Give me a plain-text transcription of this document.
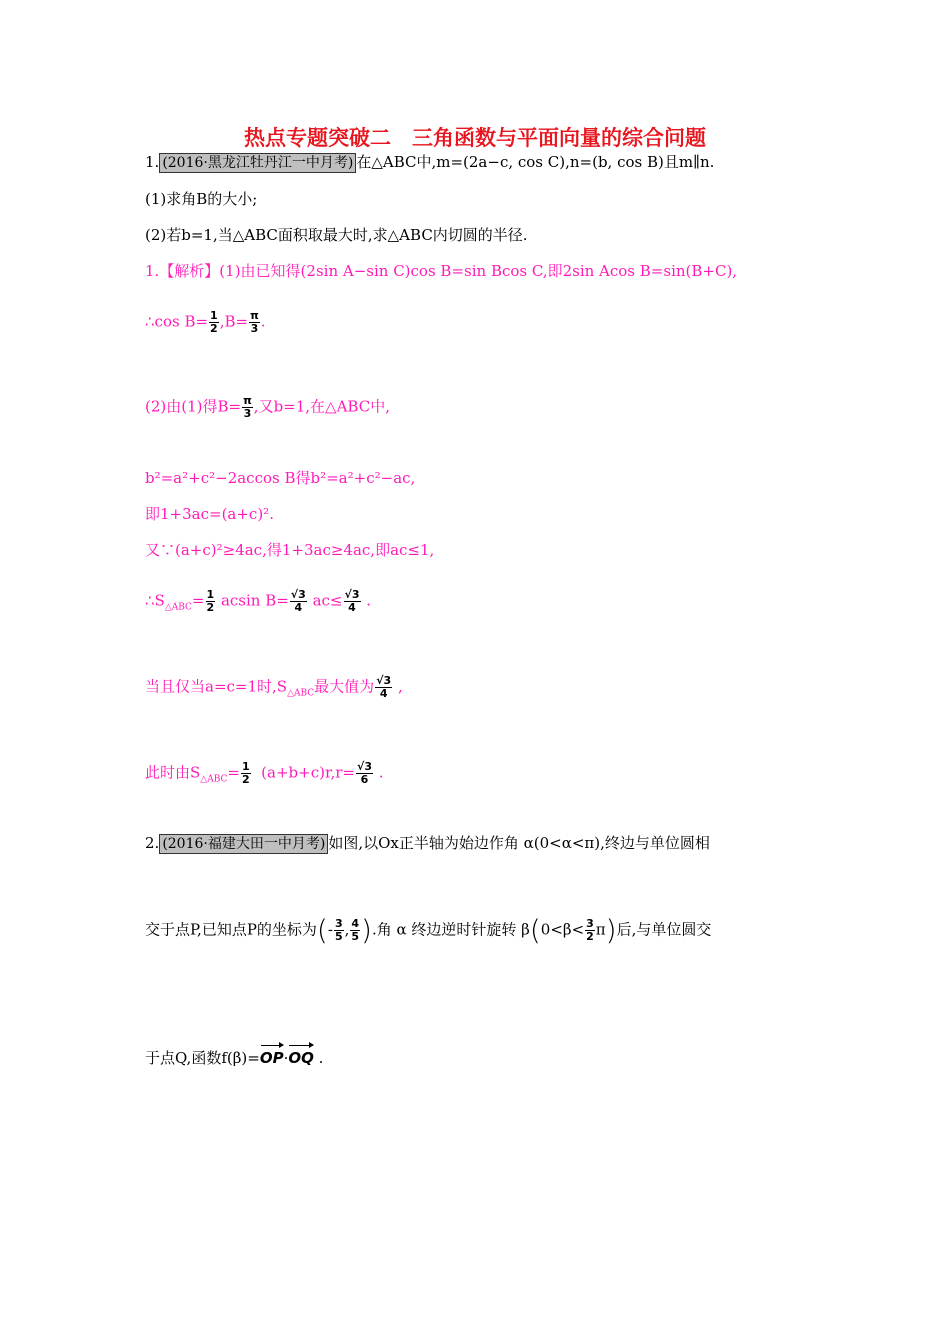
热点专题突破二　三角函数与平面向量的综合问题
1. (2016·黑龙江牡丹江一中月考) 在△ABC中,m=(2a−c, cos C),n=(b, cos B)且m∥n.
(1)求角B的大小;
(2)若b=1,当△ABC面积取最大时,求△ABC内切圆的半径.
1.【解析】(1)由已知得(2sin A−sin C)cos B=sin Bcos C,即2sin Acos B=sin(B+C),
∴cos $B= \frac{1}{2} ,B= \frac{\pi}{3}$ .
(2)由(1)得$B= \frac{\pi}{3}$ ,又b=1,在△ABC中,
b²=a²+c²−2accos B得b²=a²+c²−ac,
即1+3ac=(a+c)².
又∵(a+c)²≥4ac,得1+3ac≥4ac,即ac≤1,
$\therefore S_{\triangle ABC}= \frac{1}{2}$ acsin $B= \frac{√3}{4} ac\le \frac{√3}{4}$ .
当且仅当a=c=1时$,S_{\triangle ABC}$最大值为 $\frac{√3}{4}$ ,
此时由$S_{\triangle ABC}= \frac{1}{2} (a+b+c)r,r= \frac{√3}{6}$ .
2. (2016·福建大田一中月考) 如图,以Ox正半轴为始边作角 α(0<α<π),终边与单位圆相
交于点P,已知点P的坐标为(- $\frac{3}{5}$ , $\frac{4}{5}$ ).角 α 终边逆时针旋转 $\beta(0<\beta< \frac{3}{2} \pi)$后,与单位圆交
于点Q,函数f(β)=OP·OQ .
